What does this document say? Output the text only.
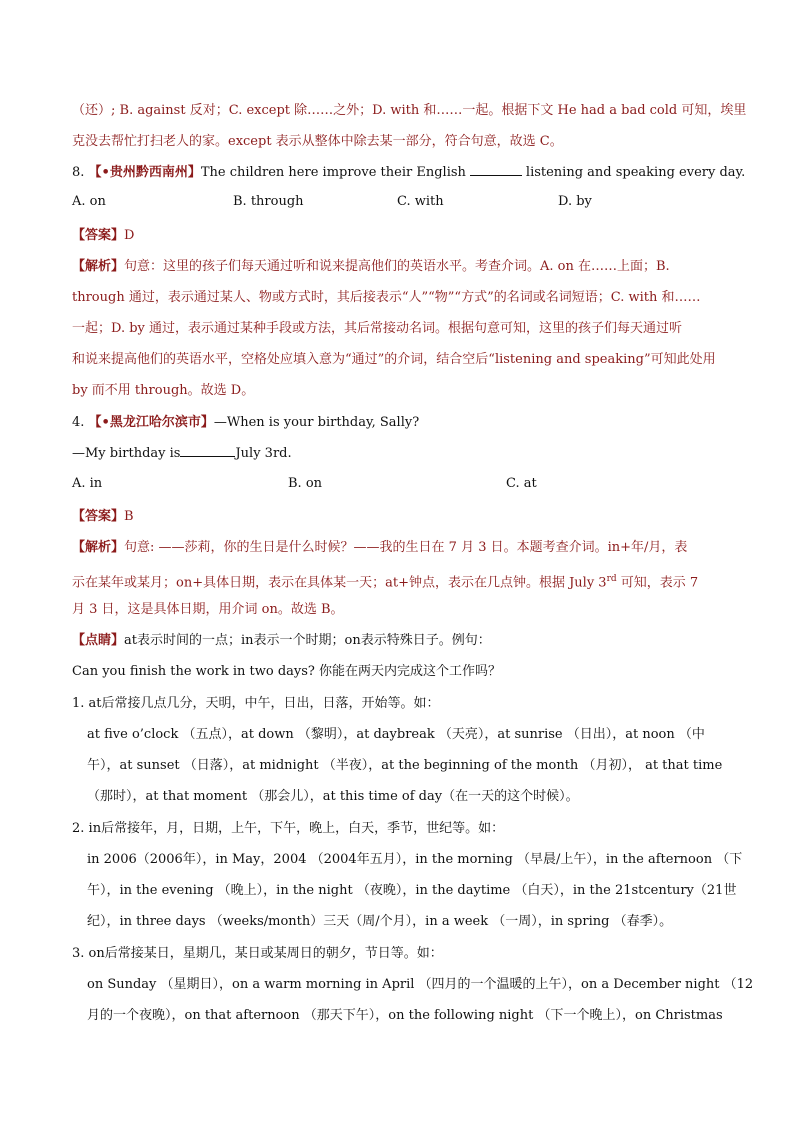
（还）; B. against 反对；C. except 除……之外；D. with 和……一起。根据下文 He had a bad cold 可知，埃里
克没去帮忙打扫老人的家。except 表示从整体中除去某一部分，符合句意，故选 C。
8. 【•贵州黔西南州】The children here improve their English	listening and speaking every day.
A. on	B. through	C. with	D. by
【答案】D
【解析】句意：这里的孩子们每天通过听和说来提高他们的英语水平。考查介词。A. on 在……上面；B.
through 通过，表示通过某人、物或方式时，其后接表示“人”“物”“方式”的名词或名词短语；C. with 和……
一起；D. by 通过，表示通过某种手段或方法，其后常接动名词。根据句意可知，这里的孩子们每天通过听
和说来提高他们的英语水平，空格处应填入意为“通过”的介词，结合空后“listening and speaking”可知此处用
by 而不用 through。故选 D。
4. 【•黑龙江哈尔滨市】—When is your birthday, Sally?
—My birthday is	July 3rd.
A. in	B. on	C. at
【答案】B
【解析】句意: ——莎莉，你的生日是什么时候？——我的生日在 7 月 3 日。本题考查介词。in+年/月，表
示在某年或某月；on+具体日期，表示在具体某一天；at+钟点，表示在几点钟。根据 July 3rd 可知，表示 7
月 3 日，这是具体日期，用介词 on。故选 B。
【点睛】at表示时间的一点；in表示一个时期；on表示特殊日子。例句：
Can you finish the work in two days? 你能在两天内完成这个工作吗？
1. at后常接几点几分，天明，中午，日出，日落，开始等。如：
at five o’clock （五点），at down （黎明），at daybreak （天亮），at sunrise （日出），at noon （中
午），at sunset （日落），at midnight （半夜），at the beginning of the month （月初）， at that time
（那时），at that moment （那会儿），at this time of day（在一天的这个时候）。
2. in后常接年，月，日期，上午，下午，晚上，白天，季节，世纪等。如：
in 2006（2006年），in May，2004 （2004年五月），in the morning （早晨/上午），in the afternoon （下
午），in the evening （晚上），in the night （夜晚），in the daytime （白天），in the 21stcentury（21世
纪），in three days （weeks/month）三天（周/个月），in a week （一周），in spring （春季）。
3. on后常接某日，星期几，某日或某周日的朝夕，节日等。如：
on Sunday （星期日），on a warm morning in April （四月的一个温暖的上午），on a December night （12
月的一个夜晚），on that afternoon （那天下午），on the following night （下一个晚上），on Christmas
